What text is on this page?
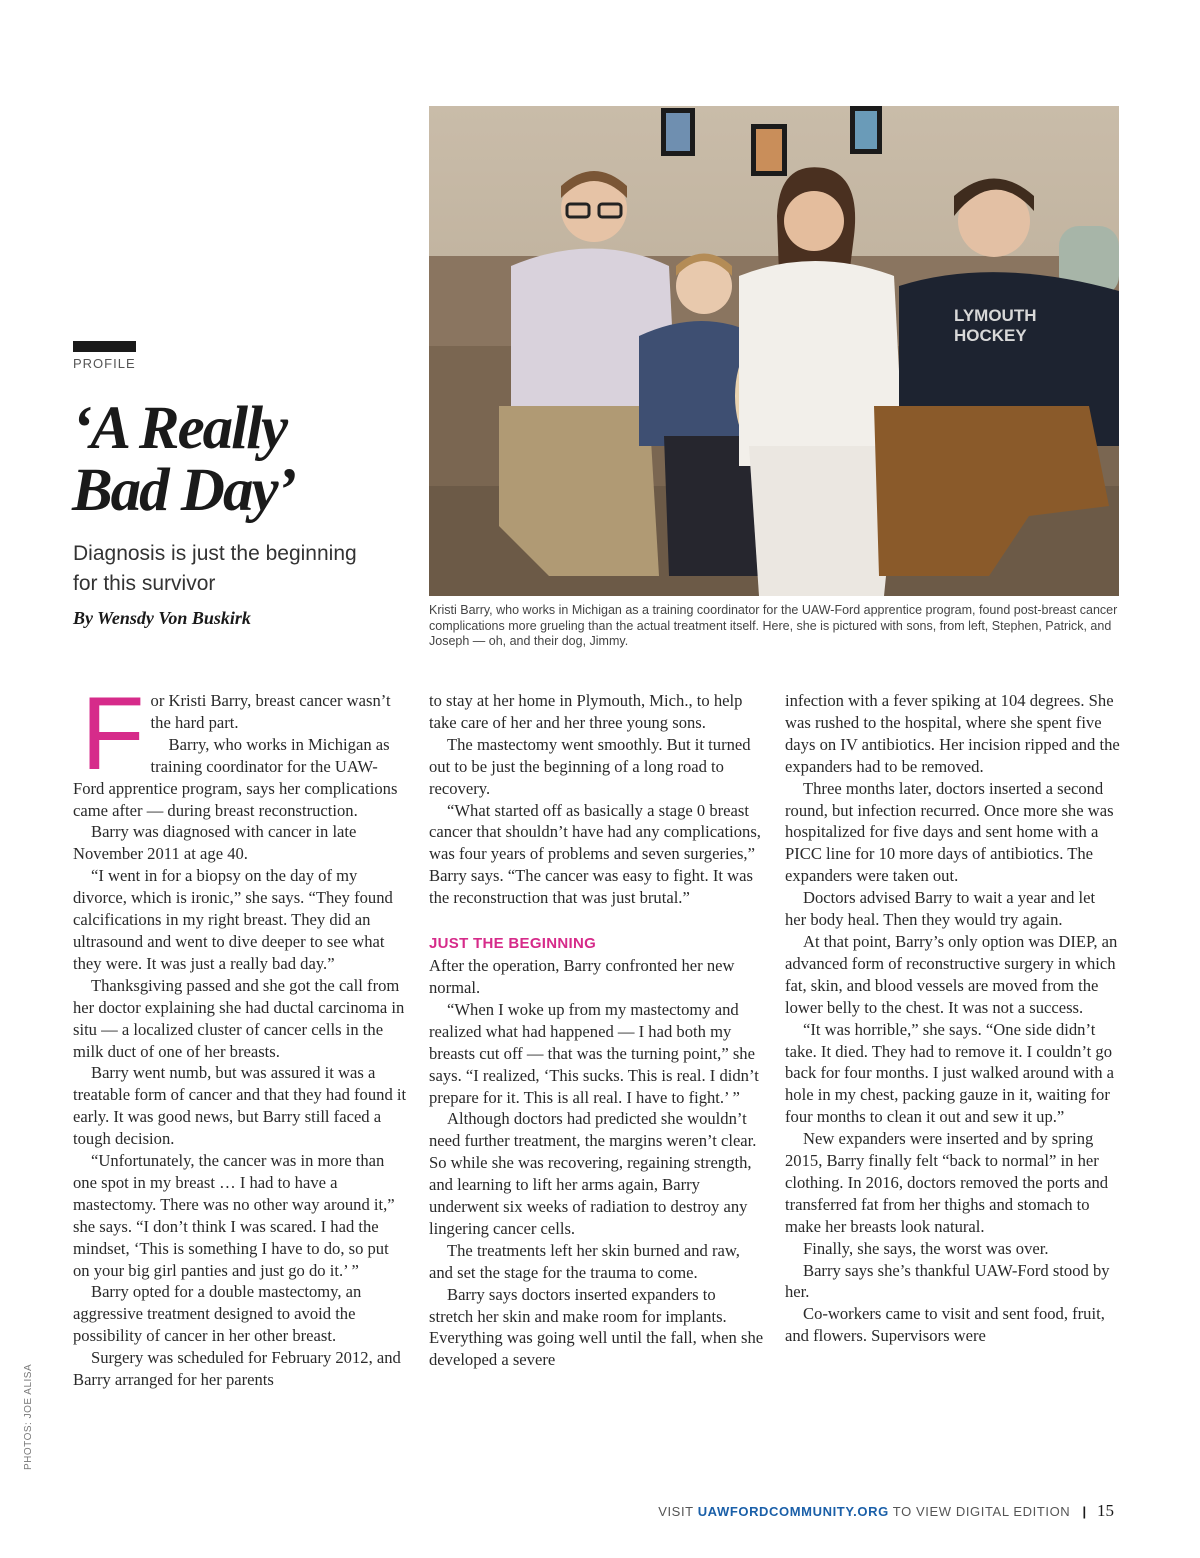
PROFILE
‘A Really
Bad Day’

Diagnosis is just the beginning
for this survivor

By Wensdy Von Buskirk
LYMOUTH
HOCKEY

Kristi Barry, who works in Michigan as a training coordinator for the UAW-Ford apprentice program, found post-breast cancer complications more grueling than the actual treatment itself. Here, she is pictured with sons, from left, Stephen, Patrick, and Joseph — oh, and their dog, Jimmy.

For Kristi Barry, breast cancer wasn’t the hard part.

Barry, who works in Michigan as training coordinator for the UAW-Ford apprentice program, says her complications came after — during breast reconstruction.

Barry was diagnosed with cancer in late November 2011 at age 40.

“I went in for a biopsy on the day of my divorce, which is ironic,” she says. “They found calcifications in my right breast. They did an ultrasound and went to dive deeper to see what they were. It was just a really bad day.”

Thanksgiving passed and she got the call from her doctor explaining she had ductal carcinoma in situ — a localized cluster of cancer cells in the milk duct of one of her breasts.

Barry went numb, but was assured it was a treatable form of cancer and that they had found it early. It was good news, but Barry still faced a tough decision.

“Unfortunately, the cancer was in more than one spot in my breast … I had to have a mastectomy. There was no other way around it,” she says. “I don’t think I was scared. I had the mindset, ‘This is something I have to do, so put on your big girl panties and just go do it.’ ”

Barry opted for a double mastectomy, an aggressive treatment designed to avoid the possibility of cancer in her other breast.

Surgery was scheduled for February 2012, and Barry arranged for her parents

to stay at her home in Plymouth, Mich., to help take care of her and her three young sons.

The mastectomy went smoothly. But it turned out to be just the beginning of a long road to recovery.

“What started off as basically a stage 0 breast cancer that shouldn’t have had any complications, was four years of problems and seven surgeries,” Barry says. “The cancer was easy to fight. It was the reconstruction that was just brutal.”

JUST THE BEGINNING

After the operation, Barry confronted her new normal.

“When I woke up from my mastectomy and realized what had happened — I had both my breasts cut off — that was the turning point,” she says. “I realized, ‘This sucks. This is real. I didn’t prepare for it. This is all real. I have to fight.’ ”

Although doctors had predicted she wouldn’t need further treatment, the margins weren’t clear. So while she was recovering, regaining strength, and learning to lift her arms again, Barry underwent six weeks of radiation to destroy any lingering cancer cells.

The treatments left her skin burned and raw, and set the stage for the trauma to come.

Barry says doctors inserted expanders to stretch her skin and make room for implants. Everything was going well until the fall, when she developed a severe

infection with a fever spiking at 104 degrees. She was rushed to the hospital, where she spent five days on IV antibiotics. Her incision ripped and the expanders had to be removed.

Three months later, doctors inserted a second round, but infection recurred. Once more she was hospitalized for five days and sent home with a PICC line for 10 more days of antibiotics. The expanders were taken out.

Doctors advised Barry to wait a year and let her body heal. Then they would try again.

At that point, Barry’s only option was DIEP, an advanced form of reconstructive surgery in which fat, skin, and blood vessels are moved from the lower belly to the chest. It was not a success.

“It was horrible,” she says. “One side didn’t take. It died. They had to remove it. I couldn’t go back for four months. I just walked around with a hole in my chest, packing gauze in it, waiting for four months to clean it out and sew it up.”

New expanders were inserted and by spring 2015, Barry finally felt “back to normal” in her clothing. In 2016, doctors removed the ports and transferred fat from her thighs and stomach to make her breasts look natural.

Finally, she says, the worst was over.

Barry says she’s thankful UAW-Ford stood by her.

Co-workers came to visit and sent food, fruit, and flowers. Supervisors were

PHOTOS: JOE ALISA
VISIT UAWFORDCOMMUNITY.ORG TO VIEW DIGITAL EDITION | 15
